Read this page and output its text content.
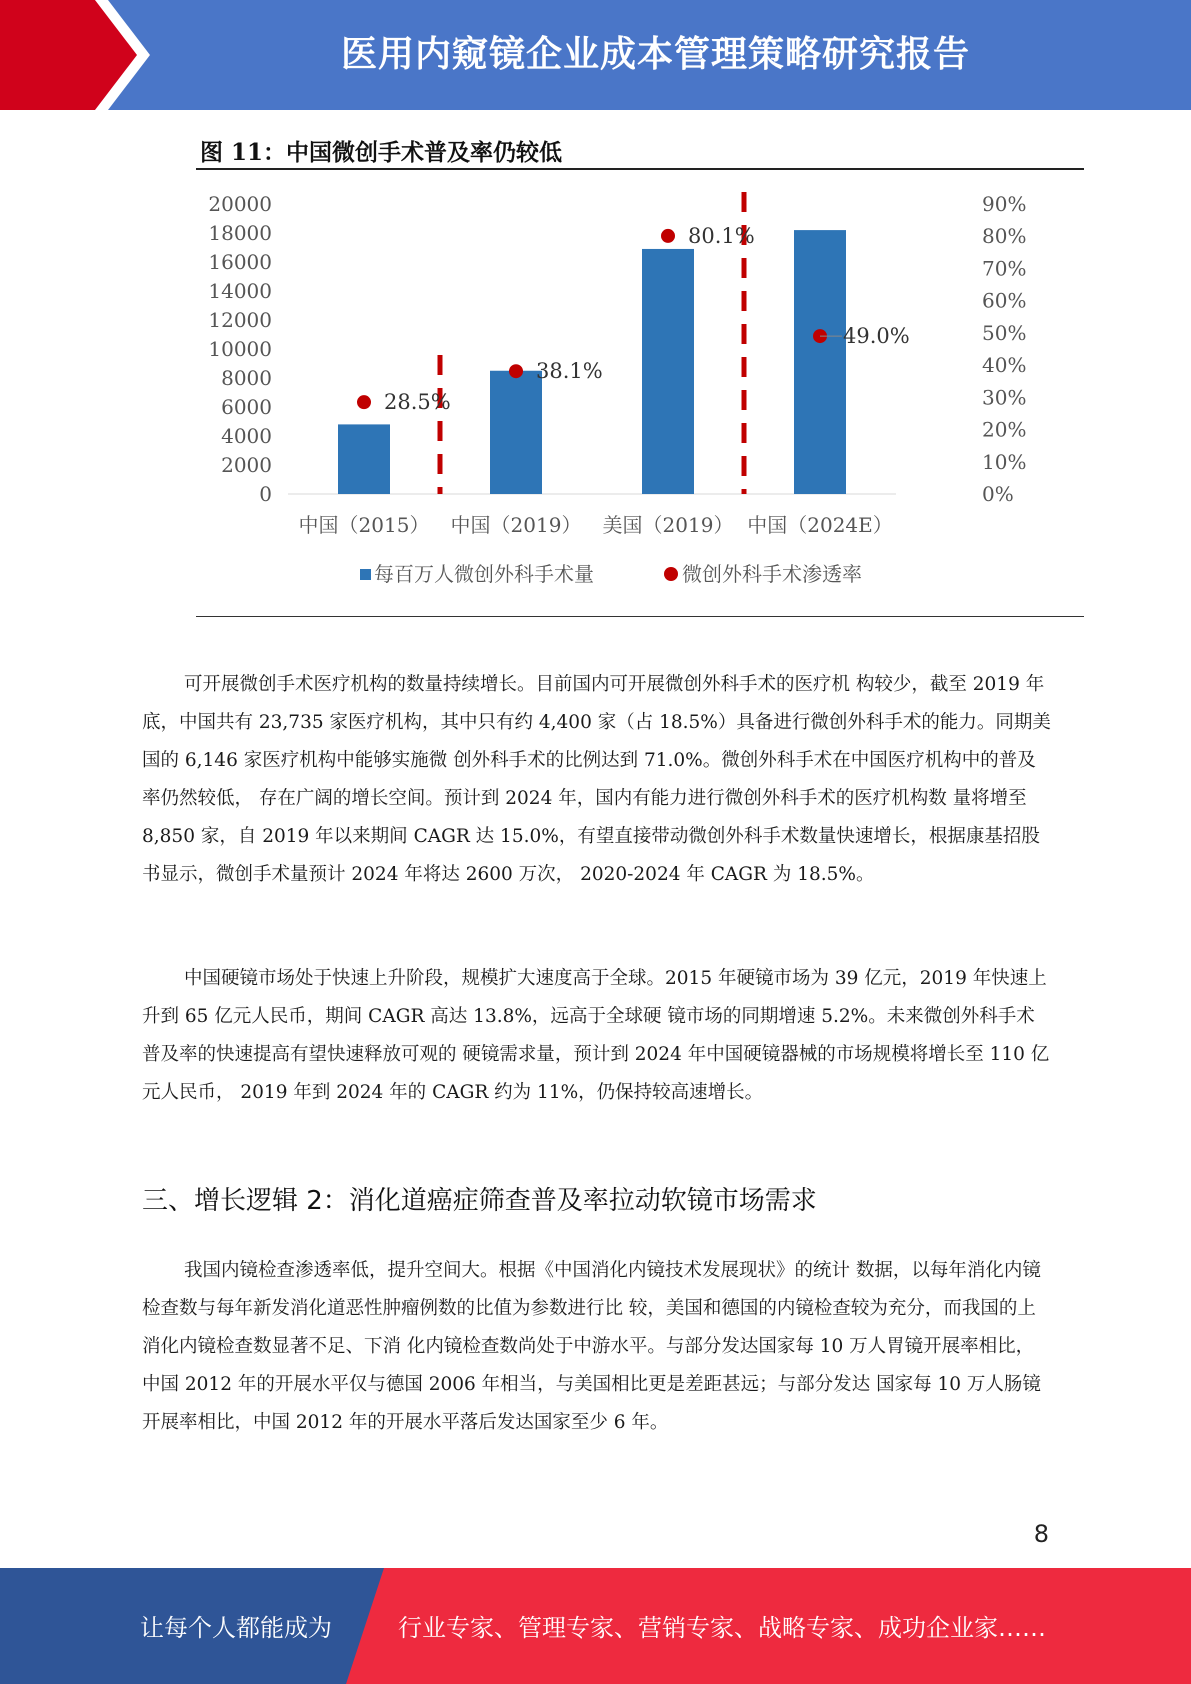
医用内窥镜企业成本管理策略研究报告
图 11：中国微创手术普及率仍较低
0
2000
4000
6000
8000
10000
12000
14000
16000
18000
20000
0%
10%
20%
30%
40%
50%
60%
70%
80%
90%
28.5%
中国（2015）
38.1%
中国（2019）
80.1%
美国（2019）
49.0%
中国（2024E）
每百万人微创外科手术量	微创外科手术渗透率

可开展微创手术医疗机构的数量持续增长。目前国内可开展微创外科手术的医疗机 构较少，截至 2019 年底，中国共有 23,735 家医疗机构，其中只有约 4,400 家（占 18.5%）具备进行微创外科手术的能力。同期美国的 6,146 家医疗机构中能够实施微 创外科手术的比例达到 71.0%。微创外科手术在中国医疗机构中的普及率仍然较低， 存在广阔的增长空间。预计到 2024 年，国内有能力进行微创外科手术的医疗机构数 量将增至 8,850 家，自 2019 年以来期间 CAGR 达 15.0%，有望直接带动微创外科手术数量快速增长，根据康基招股书显示，微创手术量预计 2024 年将达 2600 万次， 2020-2024 年 CAGR 为 18.5%。

中国硬镜市场处于快速上升阶段，规模扩大速度高于全球。2015 年硬镜市场为 39 亿元，2019 年快速上升到 65 亿元人民币，期间 CAGR 高达 13.8%，远高于全球硬 镜市场的同期增速 5.2%。未来微创外科手术普及率的快速提高有望快速释放可观的 硬镜需求量，预计到 2024 年中国硬镜器械的市场规模将增长至 110 亿元人民币， 2019 年到 2024 年的 CAGR 约为 11%，仍保持较高速增长。

三、增长逻辑 2：消化道癌症筛查普及率拉动软镜市场需求

我国内镜检查渗透率低，提升空间大。根据《中国消化内镜技术发展现状》的统计 数据，以每年消化内镜检查数与每年新发消化道恶性肿瘤例数的比值为参数进行比 较，美国和德国的内镜检查较为充分，而我国的上消化内镜检查数显著不足、下消 化内镜检查数尚处于中游水平。与部分发达国家每 10 万人胃镜开展率相比，中国 2012 年的开展水平仅与德国 2006 年相当，与美国相比更是差距甚远；与部分发达 国家每 10 万人肠镜开展率相比，中国 2012 年的开展水平落后发达国家至少 6 年。

8
让每个人都能成为	行业专家、管理专家、营销专家、战略专家、成功企业家……
